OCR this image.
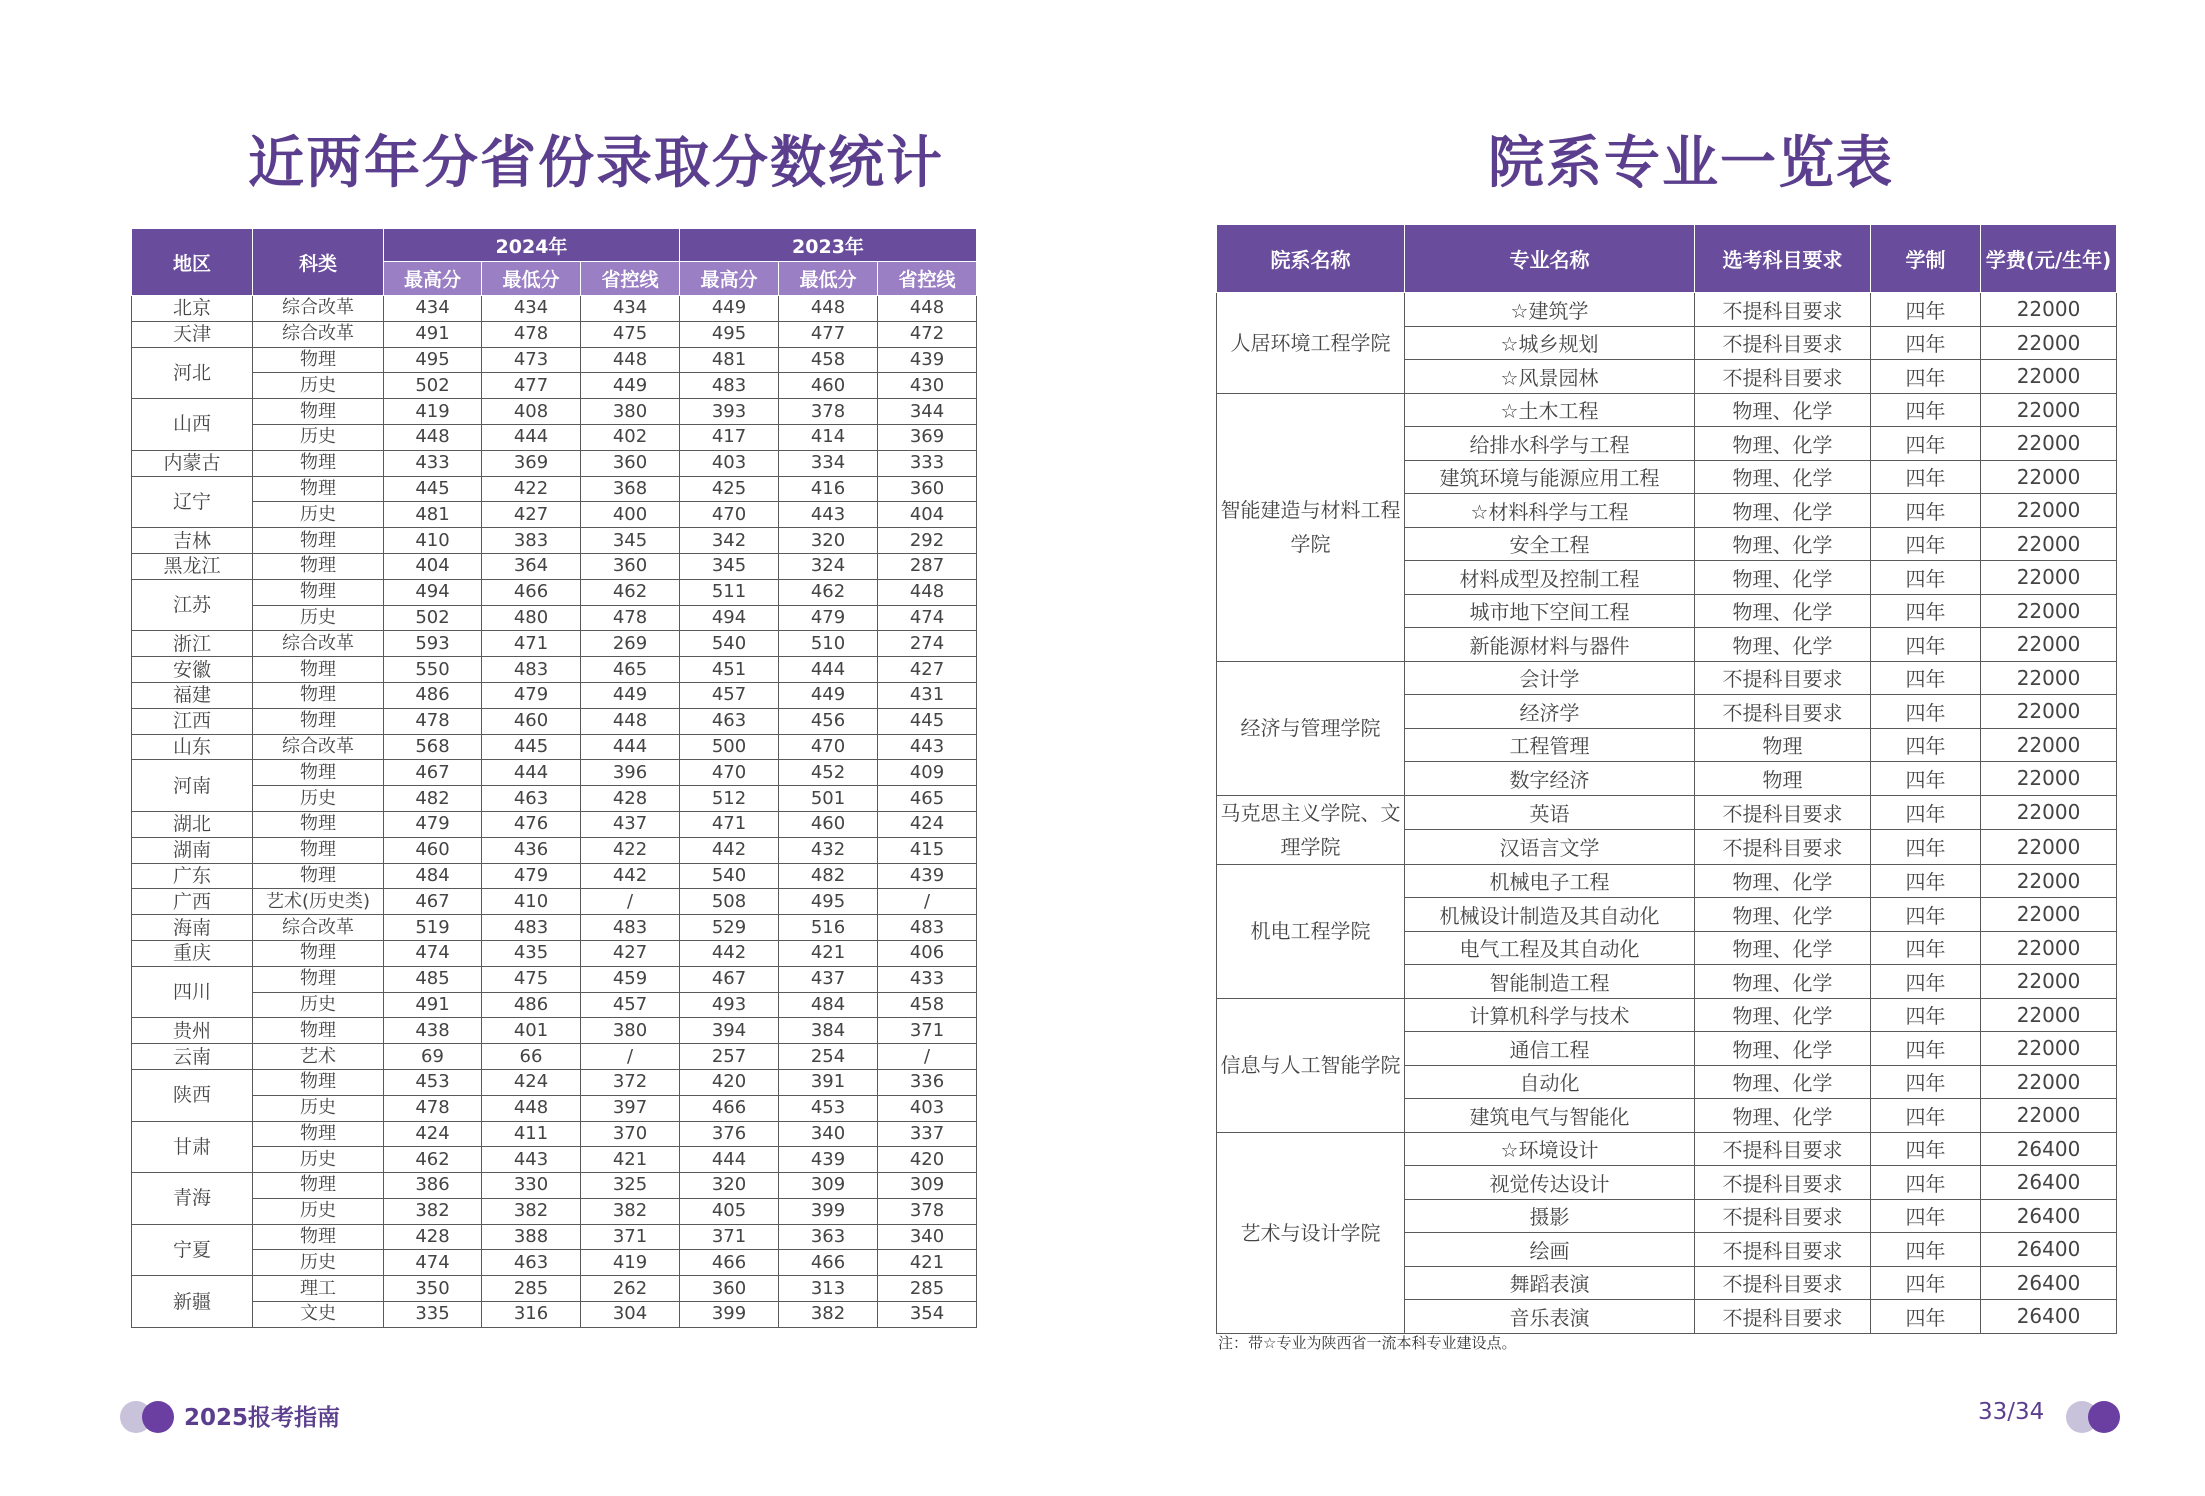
近两年分省份录取分数统计	院系专业一览表
地区	科类	2024年			2023年		
		最高分	最低分	省控线	最高分	最低分	省控线
北京	综合改革	434	434	434	449	448	448
天津	综合改革	491	478	475	495	477	472
河北	物理	495	473	448	481	458	439
	历史	502	477	449	483	460	430
山西	物理	419	408	380	393	378	344
	历史	448	444	402	417	414	369
内蒙古	物理	433	369	360	403	334	333
辽宁	物理	445	422	368	425	416	360
	历史	481	427	400	470	443	404
吉林	物理	410	383	345	342	320	292
黑龙江	物理	404	364	360	345	324	287
江苏	物理	494	466	462	511	462	448
	历史	502	480	478	494	479	474
浙江	综合改革	593	471	269	540	510	274
安徽	物理	550	483	465	451	444	427
福建	物理	486	479	449	457	449	431
江西	物理	478	460	448	463	456	445
山东	综合改革	568	445	444	500	470	443
河南	物理	467	444	396	470	452	409
	历史	482	463	428	512	501	465
湖北	物理	479	476	437	471	460	424
湖南	物理	460	436	422	442	432	415
广东	物理	484	479	442	540	482	439
广西	艺术(历史类)	467	410	/	508	495	/
海南	综合改革	519	483	483	529	516	483
重庆	物理	474	435	427	442	421	406
四川	物理	485	475	459	467	437	433
	历史	491	486	457	493	484	458
贵州	物理	438	401	380	394	384	371
云南	艺术	69	66	/	257	254	/
陕西	物理	453	424	372	420	391	336
	历史	478	448	397	466	453	403
甘肃	物理	424	411	370	376	340	337
	历史	462	443	421	444	439	420
青海	物理	386	330	325	320	309	309
	历史	382	382	382	405	399	378
宁夏	物理	428	388	371	371	363	340
	历史	474	463	419	466	466	421
新疆	理工	350	285	262	360	313	285
	文史	335	316	304	399	382	354
院系名称	专业名称	选考科目要求	学制	学费(元/生年)
人居环境工程学院	☆建筑学	不提科目要求	四年	22000
	☆城乡规划	不提科目要求	四年	22000
	☆风景园林	不提科目要求	四年	22000
智能建造与材料工程学院	☆土木工程	物理、化学	四年	22000
	给排水科学与工程	物理、化学	四年	22000
	建筑环境与能源应用工程	物理、化学	四年	22000
	☆材料科学与工程	物理、化学	四年	22000
	安全工程	物理、化学	四年	22000
	材料成型及控制工程	物理、化学	四年	22000
	城市地下空间工程	物理、化学	四年	22000
	新能源材料与器件	物理、化学	四年	22000
经济与管理学院	会计学	不提科目要求	四年	22000
	经济学	不提科目要求	四年	22000
	工程管理	物理	四年	22000
	数字经济	物理	四年	22000
马克思主义学院、文理学院	英语	不提科目要求	四年	22000
	汉语言文学	不提科目要求	四年	22000
机电工程学院	机械电子工程	物理、化学	四年	22000
	机械设计制造及其自动化	物理、化学	四年	22000
	电气工程及其自动化	物理、化学	四年	22000
	智能制造工程	物理、化学	四年	22000
信息与人工智能学院	计算机科学与技术	物理、化学	四年	22000
	通信工程	物理、化学	四年	22000
	自动化	物理、化学	四年	22000
	建筑电气与智能化	物理、化学	四年	22000
艺术与设计学院	☆环境设计	不提科目要求	四年	26400
	视觉传达设计	不提科目要求	四年	26400
	摄影	不提科目要求	四年	26400
	绘画	不提科目要求	四年	26400
	舞蹈表演	不提科目要求	四年	26400
	音乐表演	不提科目要求	四年	26400

注：带☆专业为陕西省一流本科专业建设点。

2025报考指南	33/34
